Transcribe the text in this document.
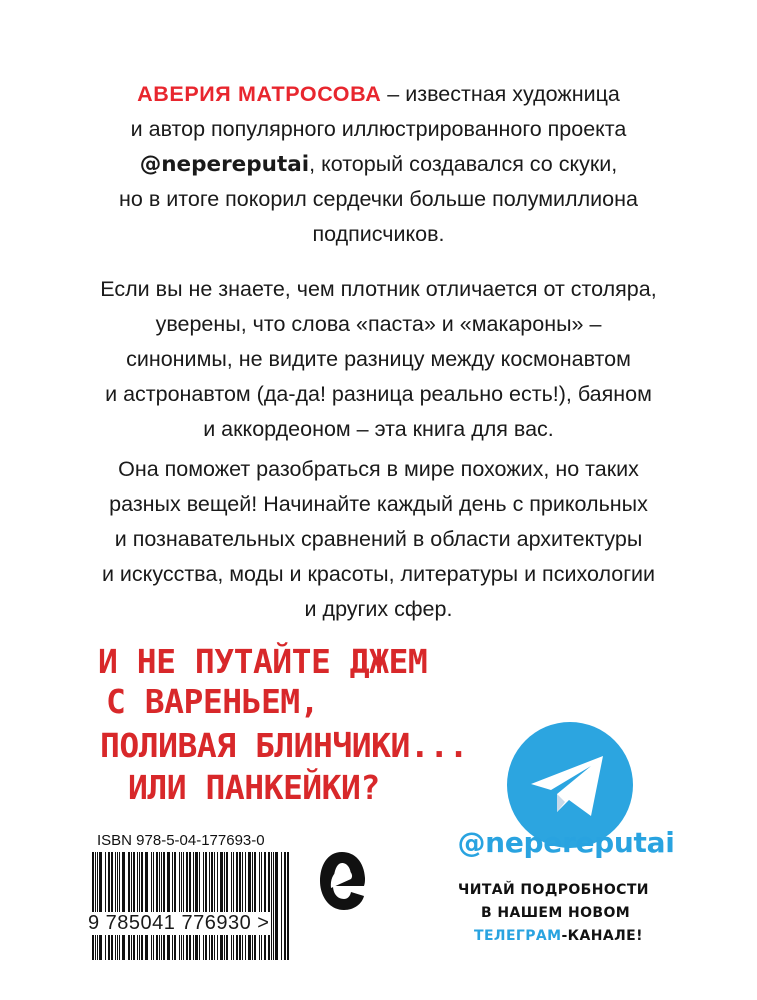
АВЕРИЯ МАТРОСОВА – известная художница

и автор популярного иллюстрированного проекта

@nepereputai, который создавался со скуки,

но в итоге покорил сердечки больше полумиллиона

подписчиков.

Если вы не знаете, чем плотник отличается от столяра,

уверены, что слова «паста» и «макароны» –

синонимы, не видите разницу между космонавтом

и астронавтом (да-да! разница реально есть!), баяном

и аккордеоном – эта книга для вас.

Она поможет разобраться в мире похожих, но таких

разных вещей! Начинайте каждый день с прикольных

и познавательных сравнений в области архитектуры

и искусства, моды и красоты, литературы и психологии

и других сфер.

И НЕ ПУТАЙТЕ ДЖЕМ
С ВАРЕНЬЕМ,
ПОЛИВАЯ БЛИНЧИКИ...
ИЛИ ПАНКЕЙКИ?
ISBN 978-5-04-177693-0
9 785041 776930 >
@nepereputai
ЧИТАЙ ПОДРОБНОСТИ
В НАШЕМ НОВОМ
ТЕЛЕГРАМ-КАНАЛЕ!
